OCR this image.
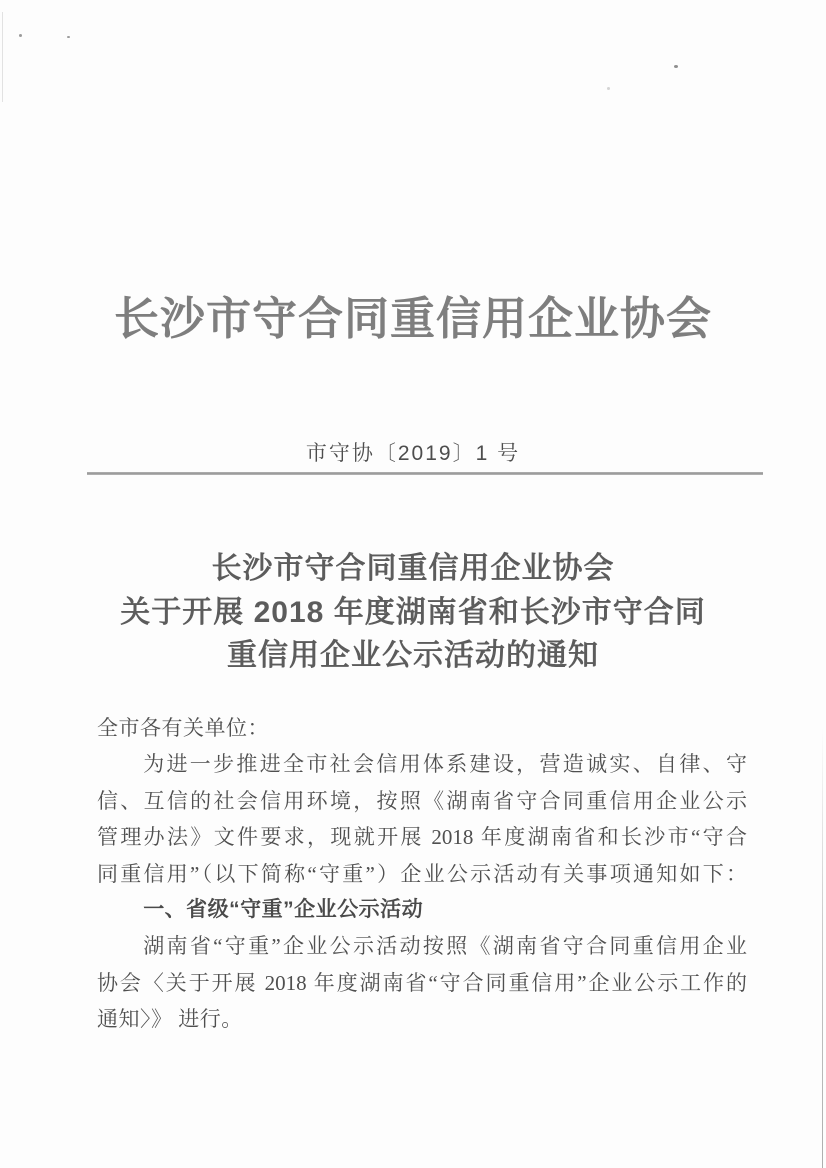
长沙市守合同重信用企业协会
市守协〔2019〕1 号
长沙市守合同重信用企业协会
关于开展 2018 年度湖南省和长沙市守合同
重信用企业公示活动的通知
全市各有关单位：
为进一步推进全市社会信用体系建设，营造诚实、自律、守
信、互信的社会信用环境，按照《湖南省守合同重信用企业公示
管理办法》文件要求，现就开展 2018 年度湖南省和长沙市“守合
同重信用”（以下简称“守重”）企业公示活动有关事项通知如下：
一、省级“守重”企业公示活动
湖南省“守重”企业公示活动按照《湖南省守合同重信用企业
协会〈关于开展 2018 年度湖南省“守合同重信用”企业公示工作的
通知〉》 进行。
